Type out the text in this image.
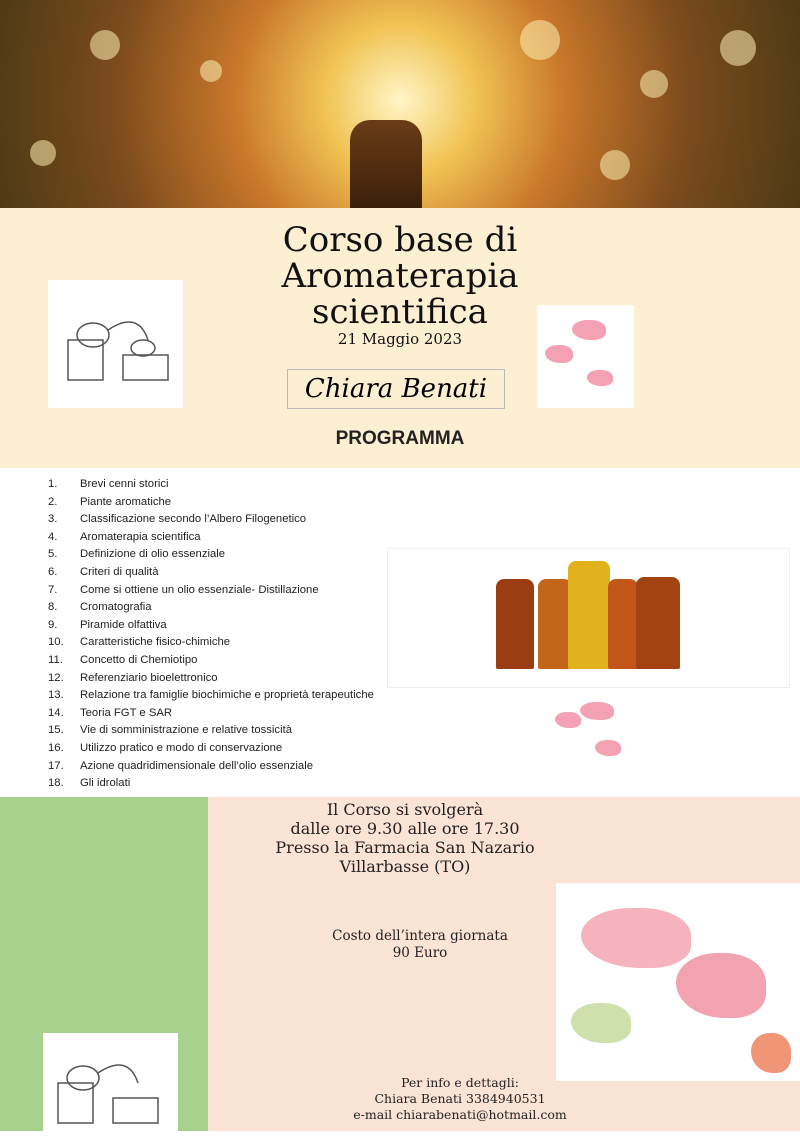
Corso base di
Aromaterapia
scientifica
21 Maggio 2023
Chiara Benati
PROGRAMMA
1.	Brevi cenni storici
2.	Piante aromatiche
3.	Classificazione secondo l’Albero Filogenetico
4.	Aromaterapia scientifica
5.	Definizione di olio essenziale
6.	Criteri di qualità
7.	Come si ottiene un olio essenziale- Distillazione
8.	Cromatografia
9.	Piramide olfattiva
10.	Caratteristiche fisico-chimiche
11.	Concetto di Chemiotipo
12.	Referenziario bioelettronico
13.	Relazione tra famiglie biochimiche e proprietà terapeutiche
14.	Teoria FGT e SAR
15.	Vie di somministrazione e relative tossicità
16.	Utilizzo pratico e modo di conservazione
17.	Azione quadridimensionale dell’olio essenziale
18.	Gli idrolati
Il Corso si svolgerà
dalle ore 9.30 alle ore 17.30
Presso la Farmacia San Nazario
Villarbasse (TO)
Costo dell’intera giornata
90 Euro
Per info e dettagli:
Chiara Benati 3384940531
e-mail chiarabenati@hotmail.com
